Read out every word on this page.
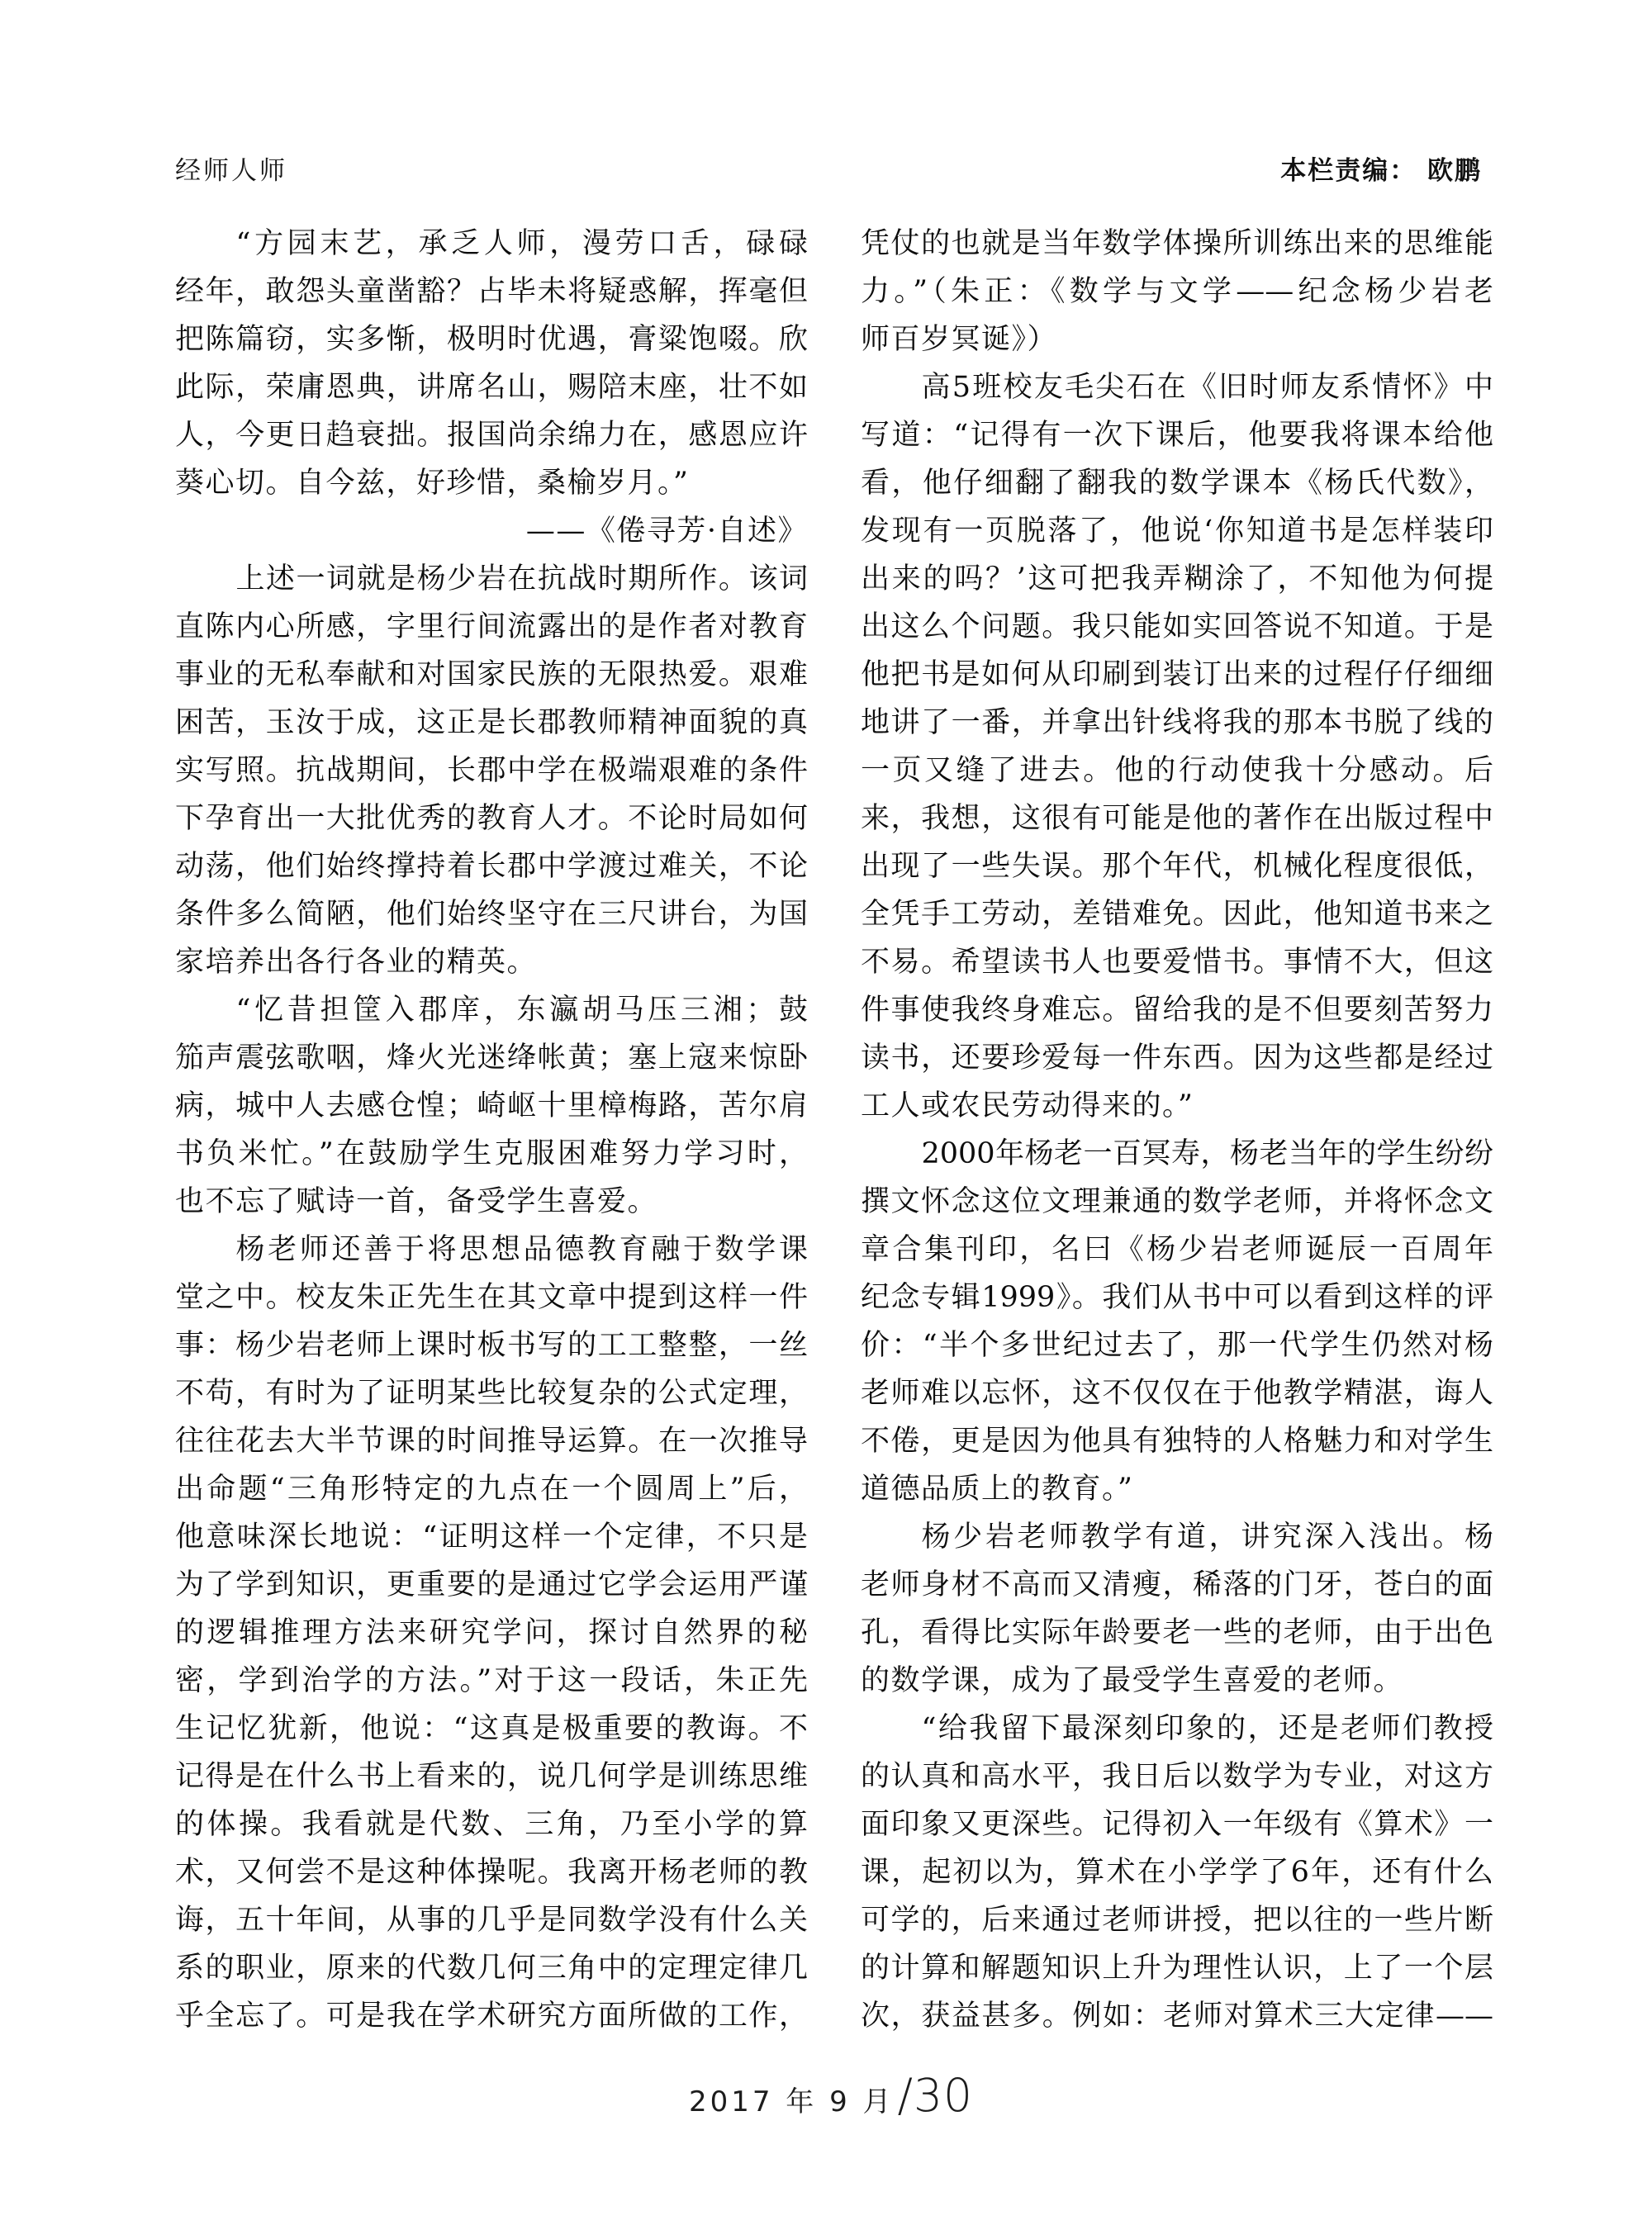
经师人师	本栏责编： 欧鹏
“方园末艺，承乏人师，漫劳口舌，碌碌
经年，敢怨头童凿豁？占毕未将疑惑解，挥毫但
把陈篇窃，实多惭，极明时优遇，膏粱饱啜。欣
此际，荣庸恩典，讲席名山，赐陪末座，壮不如
人，今更日趋衰拙。报国尚余绵力在，感恩应许
葵心切。自今兹，好珍惜，桑榆岁月。”
——《倦寻芳·自述》
上述一词就是杨少岩在抗战时期所作。该词
直陈内心所感，字里行间流露出的是作者对教育
事业的无私奉献和对国家民族的无限热爱。艰难
困苦，玉汝于成，这正是长郡教师精神面貌的真
实写照。抗战期间，长郡中学在极端艰难的条件
下孕育出一大批优秀的教育人才。不论时局如何
动荡，他们始终撑持着长郡中学渡过难关，不论
条件多么简陋，他们始终坚守在三尺讲台，为国
家培养出各行各业的精英。
“忆昔担筐入郡庠，东瀛胡马压三湘；鼓
笳声震弦歌咽，烽火光迷绛帐黄；塞上寇来惊卧
病，城中人去感仓惶；崎岖十里樟梅路，苦尔肩
书负米忙。”在鼓励学生克服困难努力学习时，
也不忘了赋诗一首，备受学生喜爱。
杨老师还善于将思想品德教育融于数学课
堂之中。校友朱正先生在其文章中提到这样一件
事：杨少岩老师上课时板书写的工工整整，一丝
不苟，有时为了证明某些比较复杂的公式定理，
往往花去大半节课的时间推导运算。在一次推导
出命题“三角形特定的九点在一个圆周上”后，
他意味深长地说：“证明这样一个定律，不只是
为了学到知识，更重要的是通过它学会运用严谨
的逻辑推理方法来研究学问，探讨自然界的秘
密，学到治学的方法。”对于这一段话，朱正先
生记忆犹新，他说：“这真是极重要的教诲。不
记得是在什么书上看来的，说几何学是训练思维
的体操。我看就是代数、三角，乃至小学的算
术，又何尝不是这种体操呢。我离开杨老师的教
诲，五十年间，从事的几乎是同数学没有什么关
系的职业，原来的代数几何三角中的定理定律几
乎全忘了。可是我在学术研究方面所做的工作，
凭仗的也就是当年数学体操所训练出来的思维能
力。”（朱正：《数学与文学——纪念杨少岩老
师百岁冥诞》）
高5班校友毛尖石在《旧时师友系情怀》中
写道：“记得有一次下课后，他要我将课本给他
看，他仔细翻了翻我的数学课本《杨氏代数》，
发现有一页脱落了，他说‘你知道书是怎样装印
出来的吗？’这可把我弄糊涂了，不知他为何提
出这么个问题。我只能如实回答说不知道。于是
他把书是如何从印刷到装订出来的过程仔仔细细
地讲了一番，并拿出针线将我的那本书脱了线的
一页又缝了进去。他的行动使我十分感动。后
来，我想，这很有可能是他的著作在出版过程中
出现了一些失误。那个年代，机械化程度很低，
全凭手工劳动，差错难免。因此，他知道书来之
不易。希望读书人也要爱惜书。事情不大，但这
件事使我终身难忘。留给我的是不但要刻苦努力
读书，还要珍爱每一件东西。因为这些都是经过
工人或农民劳动得来的。”
2000年杨老一百冥寿，杨老当年的学生纷纷
撰文怀念这位文理兼通的数学老师，并将怀念文
章合集刊印，名曰《杨少岩老师诞辰一百周年
纪念专辑1999》。我们从书中可以看到这样的评
价：“半个多世纪过去了，那一代学生仍然对杨
老师难以忘怀，这不仅仅在于他教学精湛，诲人
不倦，更是因为他具有独特的人格魅力和对学生
道德品质上的教育。”
杨少岩老师教学有道，讲究深入浅出。杨
老师身材不高而又清瘦，稀落的门牙，苍白的面
孔，看得比实际年龄要老一些的老师，由于出色
的数学课，成为了最受学生喜爱的老师。
“给我留下最深刻印象的，还是老师们教授
的认真和高水平，我日后以数学为专业，对这方
面印象又更深些。记得初入一年级有《算术》一
课，起初以为，算术在小学学了6年，还有什么
可学的，后来通过老师讲授，把以往的一些片断
的计算和解题知识上升为理性认识，上了一个层
次，获益甚多。例如：老师对算术三大定律——
2017 年 9 月/30
